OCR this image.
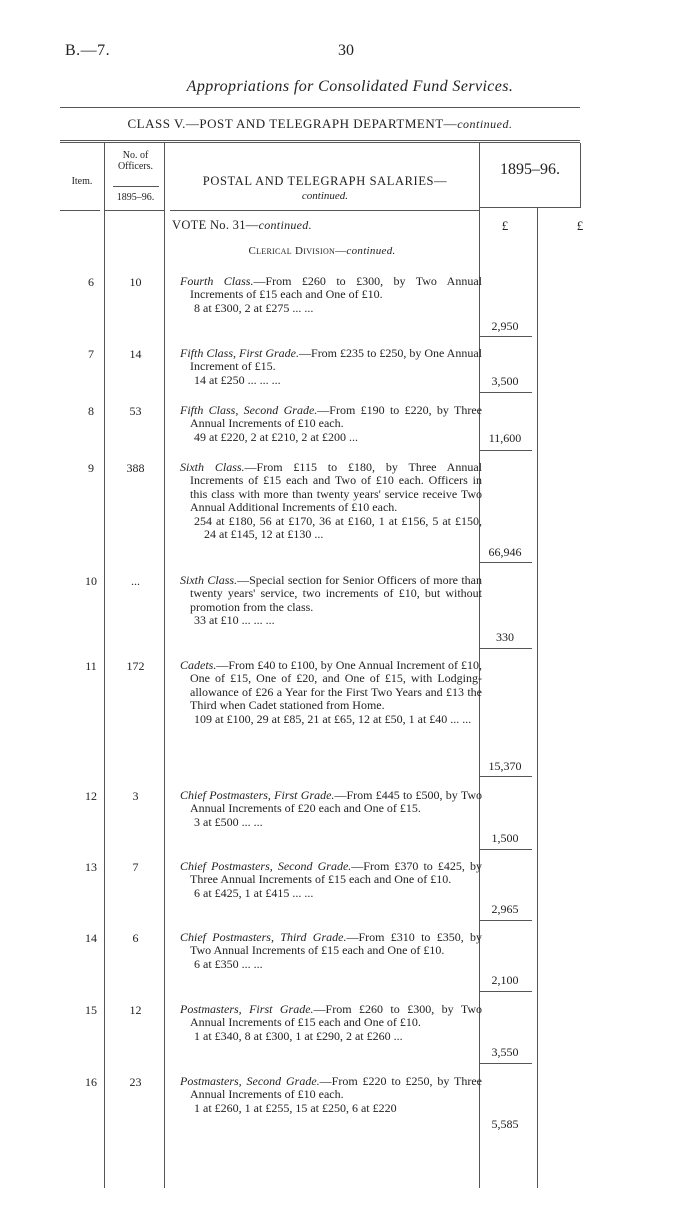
B.—7.	30
Appropriations for Consolidated Fund Services.
CLASS V.—POST AND TELEGRAPH DEPARTMENT—continued.
Item.
No. of
Officers.
1895–96.
POSTAL AND TELEGRAPH SALARIES—
continued.
1895–96.
VOTE No. 31—continued.	£	£
Clerical Division—continued.
6	10	Fourth Class.—From £260 to £300, by Two Annual Increments of £15 each and One of £10.
8 at £300, 2 at £275 ... ...
2,950
7	14	Fifth Class, First Grade.—From £235 to £250, by One Annual Increment of £15.
14 at £250 ... ... ...	3,500
8	53	Fifth Class, Second Grade.—From £190 to £220, by Three Annual Increments of £10 each.
49 at £220, 2 at £210, 2 at £200 ...	11,600
9	388	Sixth Class.—From £115 to £180, by Three Annual Increments of £15 each and Two of £10 each. Officers in this class with more than twenty years' service receive Two Annual Additional Increments of £10 each.
254 at £180, 56 at £170, 36 at £160, 1 at £156, 5 at £150, 24 at £145, 12 at £130 ...
66,946
10	...	Sixth Class.—Special section for Senior Officers of more than twenty years' service, two increments of £10, but without promotion from the class.
33 at £10 ... ... ...
330
11	172	Cadets.—From £40 to £100, by One Annual Increment of £10, One of £15, One of £20, and One of £15, with Lodging-allowance of £26 a Year for the First Two Years and £13 the Third when Cadet stationed from Home.
109 at £100, 29 at £85, 21 at £65, 12 at £50, 1 at £40 ... ...
15,370
12	3	Chief Postmasters, First Grade.—From £445 to £500, by Two Annual Increments of £20 each and One of £15.
3 at £500 ... ...
1,500
13	7	Chief Postmasters, Second Grade.—From £370 to £425, by Three Annual Increments of £15 each and One of £10.
6 at £425, 1 at £415 ... ...
2,965
14	6	Chief Postmasters, Third Grade.—From £310 to £350, by Two Annual Increments of £15 each and One of £10.
6 at £350 ... ...
2,100
15	12	Postmasters, First Grade.—From £260 to £300, by Two Annual Increments of £15 each and One of £10.
1 at £340, 8 at £300, 1 at £290, 2 at £260 ...
3,550
16	23	Postmasters, Second Grade.—From £220 to £250, by Three Annual Increments of £10 each.
1 at £260, 1 at £255, 15 at £250, 6 at £220
5,585
